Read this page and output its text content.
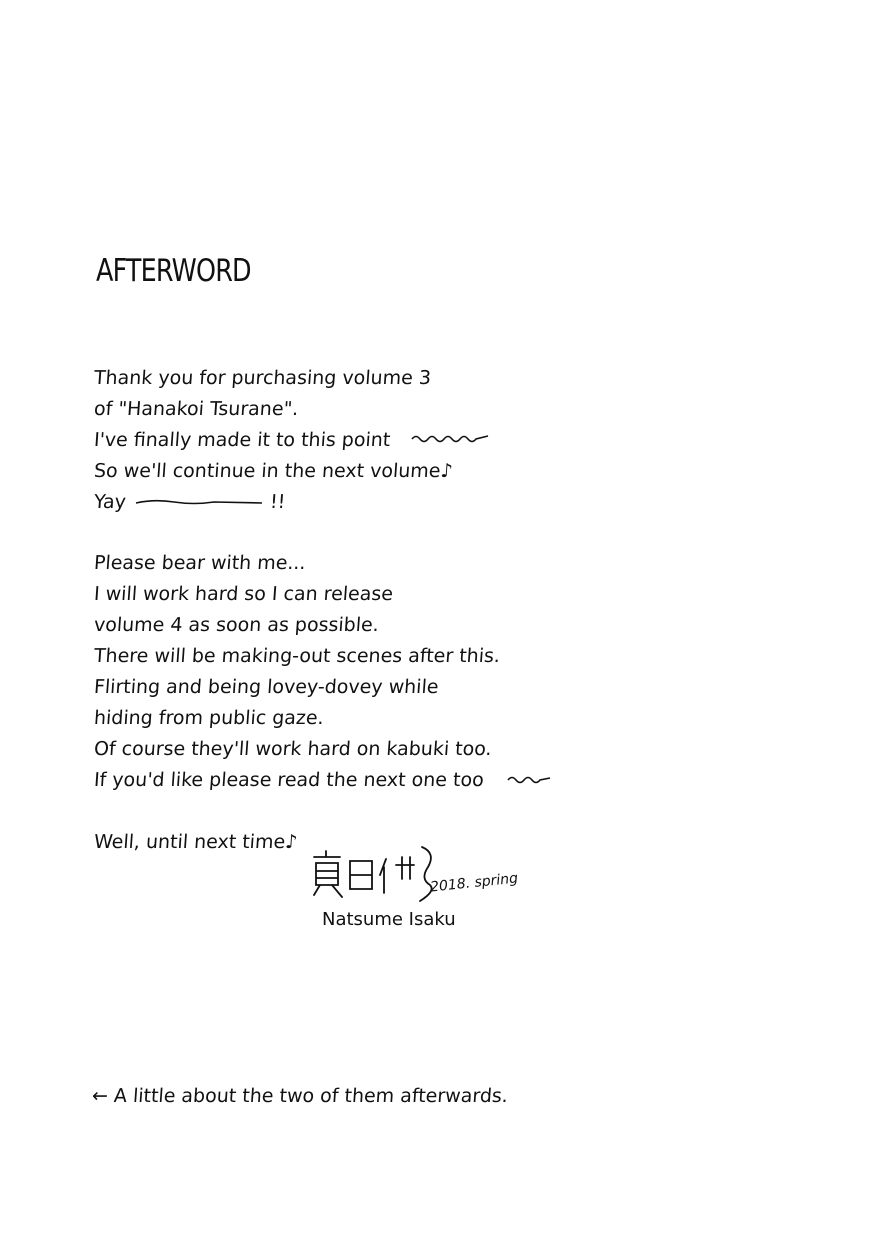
AFTERWORD
Thank you for purchasing volume 3
of "Hanakoi Tsurane".
I've finally made it to this point
So we'll continue in the next volume♪
Yay	!!
Please bear with me...
I will work hard so I can release
volume 4 as soon as possible.
There will be making-out scenes after this.
Flirting and being lovey-dovey while
hiding from public gaze.
Of course they'll work hard on kabuki too.
If you'd like please read the next one too
Well, until next time♪
2018. spring
Natsume Isaku
← A little about the two of them afterwards.
